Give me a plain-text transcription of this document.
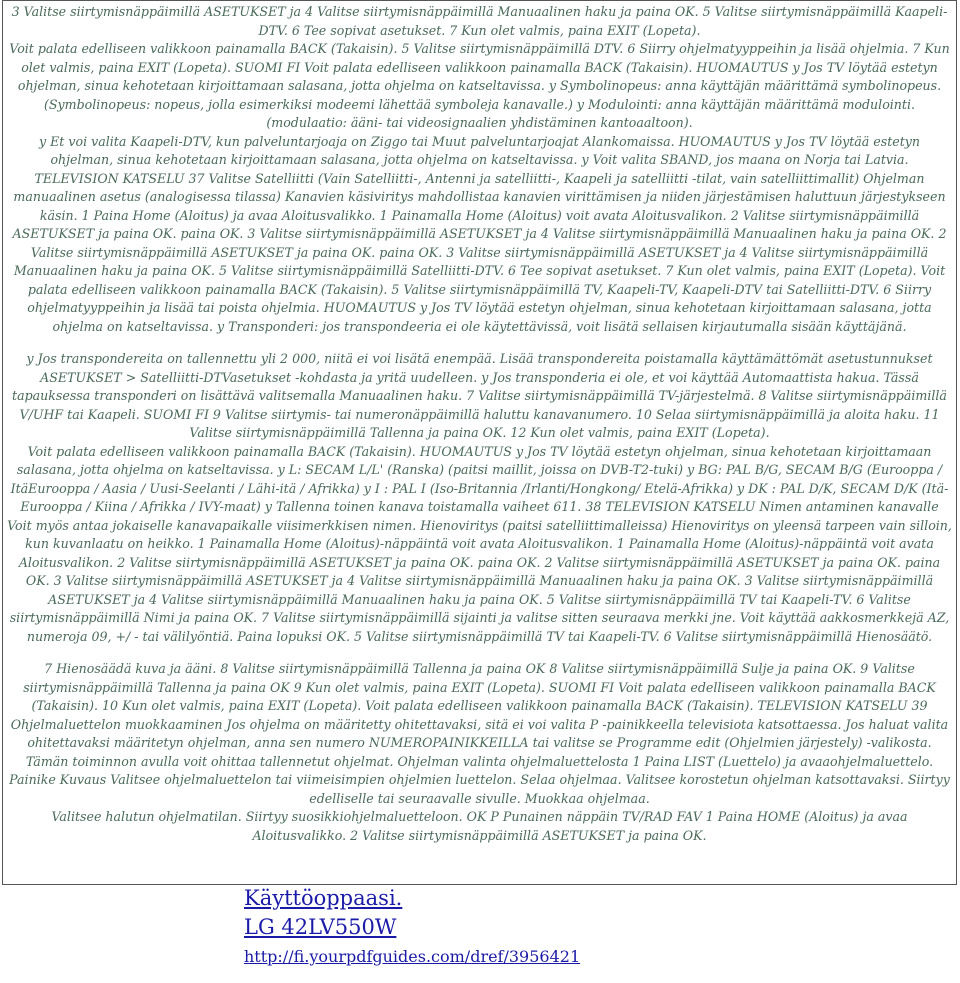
3 Valitse siirtymisnäppäimillä ASETUKSET ja 4 Valitse siirtymisnäppäimillä Manuaalinen haku ja paina OK. 5 Valitse siirtymisnäppäimillä Kaapeli-DTV. 6 Tee sopivat asetukset. 7 Kun olet valmis, paina EXIT (Lopeta).

Voit palata edelliseen valikkoon painamalla BACK (Takaisin). 5 Valitse siirtymisnäppäimillä DTV. 6 Siirry ohjelmatyyppeihin ja lisää ohjelmia. 7 Kun olet valmis, paina EXIT (Lopeta). SUOMI FI Voit palata edelliseen valikkoon painamalla BACK (Takaisin). HUOMAUTUS y Jos TV löytää estetyn ohjelman, sinua kehotetaan kirjoittamaan salasana, jotta ohjelma on katseltavissa. y Symbolinopeus: anna käyttäjän määrittämä symbolinopeus. (Symbolinopeus: nopeus, jolla esimerkiksi modeemi lähettää symboleja kanavalle.) y Modulointi: anna käyttäjän määrittämä modulointi. (modulaatio: ääni- tai videosignaalien yhdistäminen kantoaaltoon).

y Et voi valita Kaapeli-DTV, kun palveluntarjoaja on Ziggo tai Muut palveluntarjoajat Alankomaissa. HUOMAUTUS y Jos TV löytää estetyn ohjelman, sinua kehotetaan kirjoittamaan salasana, jotta ohjelma on katseltavissa. y Voit valita SBAND, jos maana on Norja tai Latvia. TELEVISION KATSELU 37 Valitse Satelliitti (Vain Satelliitti-, Antenni ja satelliitti-, Kaapeli ja satelliitti -tilat, vain satelliittimallit) Ohjelman manuaalinen asetus (analogisessa tilassa) Kanavien käsiviritys mahdollistaa kanavien virittämisen ja niiden järjestämisen haluttuun järjestykseen käsin. 1 Paina Home (Aloitus) ja avaa Aloitusvalikko. 1 Painamalla Home (Aloitus) voit avata Aloitusvalikon. 2 Valitse siirtymisnäppäimillä ASETUKSET ja paina OK. paina OK. 3 Valitse siirtymisnäppäimillä ASETUKSET ja 4 Valitse siirtymisnäppäimillä Manuaalinen haku ja paina OK. 2 Valitse siirtymisnäppäimillä ASETUKSET ja paina OK. paina OK. 3 Valitse siirtymisnäppäimillä ASETUKSET ja 4 Valitse siirtymisnäppäimillä Manuaalinen haku ja paina OK. 5 Valitse siirtymisnäppäimillä Satelliitti-DTV. 6 Tee sopivat asetukset. 7 Kun olet valmis, paina EXIT (Lopeta). Voit palata edelliseen valikkoon painamalla BACK (Takaisin). 5 Valitse siirtymisnäppäimillä TV, Kaapeli-TV, Kaapeli-DTV tai Satelliitti-DTV. 6 Siirry ohjelmatyyppeihin ja lisää tai poista ohjelmia. HUOMAUTUS y Jos TV löytää estetyn ohjelman, sinua kehotetaan kirjoittamaan salasana, jotta ohjelma on katseltavissa. y Transponderi: jos transpondeeria ei ole käytettävissä, voit lisätä sellaisen kirjautumalla sisään käyttäjänä.

y Jos transpondereita on tallennettu yli 2 000, niitä ei voi lisätä enempää. Lisää transpondereita poistamalla käyttämättömät asetustunnukset ASETUKSET > Satelliitti-DTVasetukset -kohdasta ja yritä uudelleen. y Jos transponderia ei ole, et voi käyttää Automaattista hakua. Tässä tapauksessa transponderi on lisättävä valitsemalla Manuaalinen haku. 7 Valitse siirtymisnäppäimillä TV-järjestelmä. 8 Valitse siirtymisnäppäimillä V/UHF tai Kaapeli. SUOMI FI 9 Valitse siirtymis- tai numeronäppäimillä haluttu kanavanumero. 10 Selaa siirtymisnäppäimillä ja aloita haku. 11 Valitse siirtymisnäppäimillä Tallenna ja paina OK. 12 Kun olet valmis, paina EXIT (Lopeta).

Voit palata edelliseen valikkoon painamalla BACK (Takaisin). HUOMAUTUS y Jos TV löytää estetyn ohjelman, sinua kehotetaan kirjoittamaan salasana, jotta ohjelma on katseltavissa. y L: SECAM L/L' (Ranska) (paitsi maillit, joissa on DVB-T2-tuki) y BG: PAL B/G, SECAM B/G (Eurooppa / ItäEurooppa / Aasia / Uusi-Seelanti / Lähi-itä / Afrikka) y I : PAL I (Iso-Britannia /Irlanti/Hongkong/ Etelä-Afrikka) y DK : PAL D/K, SECAM D/K (Itä-Eurooppa / Kiina / Afrikka / IVY-maat) y Tallenna toinen kanava toistamalla vaiheet 611. 38 TELEVISION KATSELU Nimen antaminen kanavalle Voit myös antaa jokaiselle kanavapaikalle viisimerkkisen nimen. Hienoviritys (paitsi satelliittimalleissa) Hienoviritys on yleensä tarpeen vain silloin, kun kuvanlaatu on heikko. 1 Painamalla Home (Aloitus)-näppäintä voit avata Aloitusvalikon. 1 Painamalla Home (Aloitus)-näppäintä voit avata Aloitusvalikon. 2 Valitse siirtymisnäppäimillä ASETUKSET ja paina OK. paina OK. 2 Valitse siirtymisnäppäimillä ASETUKSET ja paina OK. paina OK. 3 Valitse siirtymisnäppäimillä ASETUKSET ja 4 Valitse siirtymisnäppäimillä Manuaalinen haku ja paina OK. 3 Valitse siirtymisnäppäimillä ASETUKSET ja 4 Valitse siirtymisnäppäimillä Manuaalinen haku ja paina OK. 5 Valitse siirtymisnäppäimillä TV tai Kaapeli-TV. 6 Valitse siirtymisnäppäimillä Nimi ja paina OK. 7 Valitse siirtymisnäppäimillä sijainti ja valitse sitten seuraava merkki jne. Voit käyttää aakkosmerkkejä AZ, numeroja 09, +/ - tai välilyöntiä. Paina lopuksi OK. 5 Valitse siirtymisnäppäimillä TV tai Kaapeli-TV. 6 Valitse siirtymisnäppäimillä Hienosäätö.

7 Hienosäädä kuva ja ääni. 8 Valitse siirtymisnäppäimillä Tallenna ja paina OK 8 Valitse siirtymisnäppäimillä Sulje ja paina OK. 9 Valitse siirtymisnäppäimillä Tallenna ja paina OK 9 Kun olet valmis, paina EXIT (Lopeta). SUOMI FI Voit palata edelliseen valikkoon painamalla BACK (Takaisin). 10 Kun olet valmis, paina EXIT (Lopeta). Voit palata edelliseen valikkoon painamalla BACK (Takaisin). TELEVISION KATSELU 39 Ohjelmaluettelon muokkaaminen Jos ohjelma on määritetty ohitettavaksi, sitä ei voi valita P -painikkeella televisiota katsottaessa. Jos haluat valita ohitettavaksi määritetyn ohjelman, anna sen numero NUMEROPAINIKKEILLA tai valitse se Programme edit (Ohjelmien järjestely) -valikosta. Tämän toiminnon avulla voit ohittaa tallennetut ohjelmat. Ohjelman valinta ohjelmaluettelosta 1 Paina LIST (Luettelo) ja avaaohjelmaluettelo.

Painike Kuvaus Valitsee ohjelmaluettelon tai viimeisimpien ohjelmien luettelon. Selaa ohjelmaa. Valitsee korostetun ohjelman katsottavaksi. Siirtyy edelliselle tai seuraavalle sivulle. Muokkaa ohjelmaa.

Valitsee halutun ohjelmatilan. Siirtyy suosikkiohjelmaluetteloon. OK P Punainen näppäin TV/RAD FAV 1 Paina HOME (Aloitus) ja avaa Aloitusvalikko. 2 Valitse siirtymisnäppäimillä ASETUKSET ja paina OK.

Käyttöoppaasi.
LG 42LV550W
http://fi.yourpdfguides.com/dref/3956421
